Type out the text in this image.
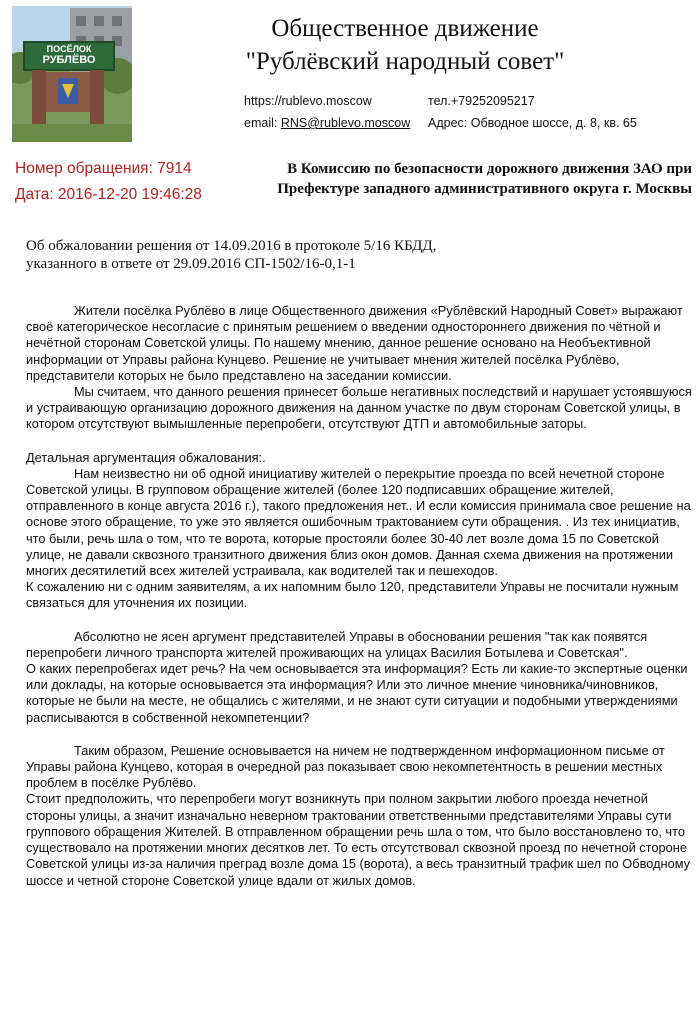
ПОСЁЛОК
РУБЛЁВО
Общественное движение
"Рублёвский народный совет"
https://rublevo.moscow	тел.+79252095217
email: RNS@rublevo.moscow Адрес: Обводное шоссе, д. 8, кв. 65
Номер обращения: 7914
Дата: 2016-12-20 19:46:28
В Комиссию по безопасности дорожного движения ЗАО при
Префектуре западного административного округа г. Москвы
Об обжаловании решения от 14.09.2016 в протоколе 5/16 КБДД,
указанного в ответе от 29.09.2016 СП-1502/16-0,1-1

Жители посёлка Рублёво в лице Общественного движения «Рублёвский Народный Совет» выражают своё категорическое несогласие с принятым решением о введении одностороннего движения по чётной и нечётной сторонам Советской улицы. По нашему мнению, данное решение основано на Необъективной информации от Управы района Кунцево. Решение не учитывает мнения жителей посёлка Рублёво, представители которых не было представлено на заседании комиссии.

Мы считаем, что данного решения принесет больше негативных последствий и нарушает устоявшуюся и устраивающую организацию дорожного движения на данном участке по двум сторонам Советской улицы, в котором отсутствуют вымышленные перепробеги, отсутствуют ДТП и автомобильные заторы.

Детальная аргументация обжалования:.

Нам неизвестно ни об одной инициативу жителей о перекрытие проезда по всей нечетной стороне Советской улицы. В групповом обращение жителей (более 120 подписавших обращение жителей, отправленного в конце августа 2016 г.), такого предложения нет.. И если комиссия принимала свое решение на основе этого обращение, то уже это является ошибочным трактованием сути обращения. . Из тех инициатив, что были, речь шла о том, что те ворота, которые простояли более 30-40 лет возле дома 15 по Советской улице, не давали сквозного транзитного движения близ окон домов. Данная схема движения на протяжении многих десятилетий всех жителей устраивала, как водителей так и пешеходов.

К сожалению ни с одним заявителям, а их напомним было 120, представители Управы не посчитали нужным связаться для уточнения их позиции.

Абсолютно не ясен аргумент представителей Управы в обосновании решения "так как появятся перепробеги личного транспорта жителей проживающих на улицах Василия Ботылева и Советская".

О каких перепробегах идет речь? На чем основывается эта информация? Есть ли какие-то экспертные оценки или доклады, на которые основывается эта информация? Или это личное мнение чиновника/чиновников, которые не были на месте, не общались с жителями, и не знают сути ситуации и подобными утверждениями расписываются в собственной некомпетенции?

Таким образом, Решение основывается на ничем не подтвержденном информационном письме от Управы района Кунцево, которая в очередной раз показывает свою некомпетентность в решении местных проблем в посёлке Рублёво.

Стоит предположить, что перепробеги могут возникнуть при полном закрытии любого проезда нечетной стороны улицы, а значит изначально неверном трактовании ответственными представителями Управы сути группового обращения Жителей. В отправленном обращении речь шла о том, что было восстановлено то, что существовало на протяжении многих десятков лет. То есть отсутствовал сквозной проезд по нечетной стороне Советской улицы из-за наличия преград возле дома 15 (ворота), а весь транзитный трафик шел по Обводному шоссе и четной стороне Советской улице вдали от жилых домов.
